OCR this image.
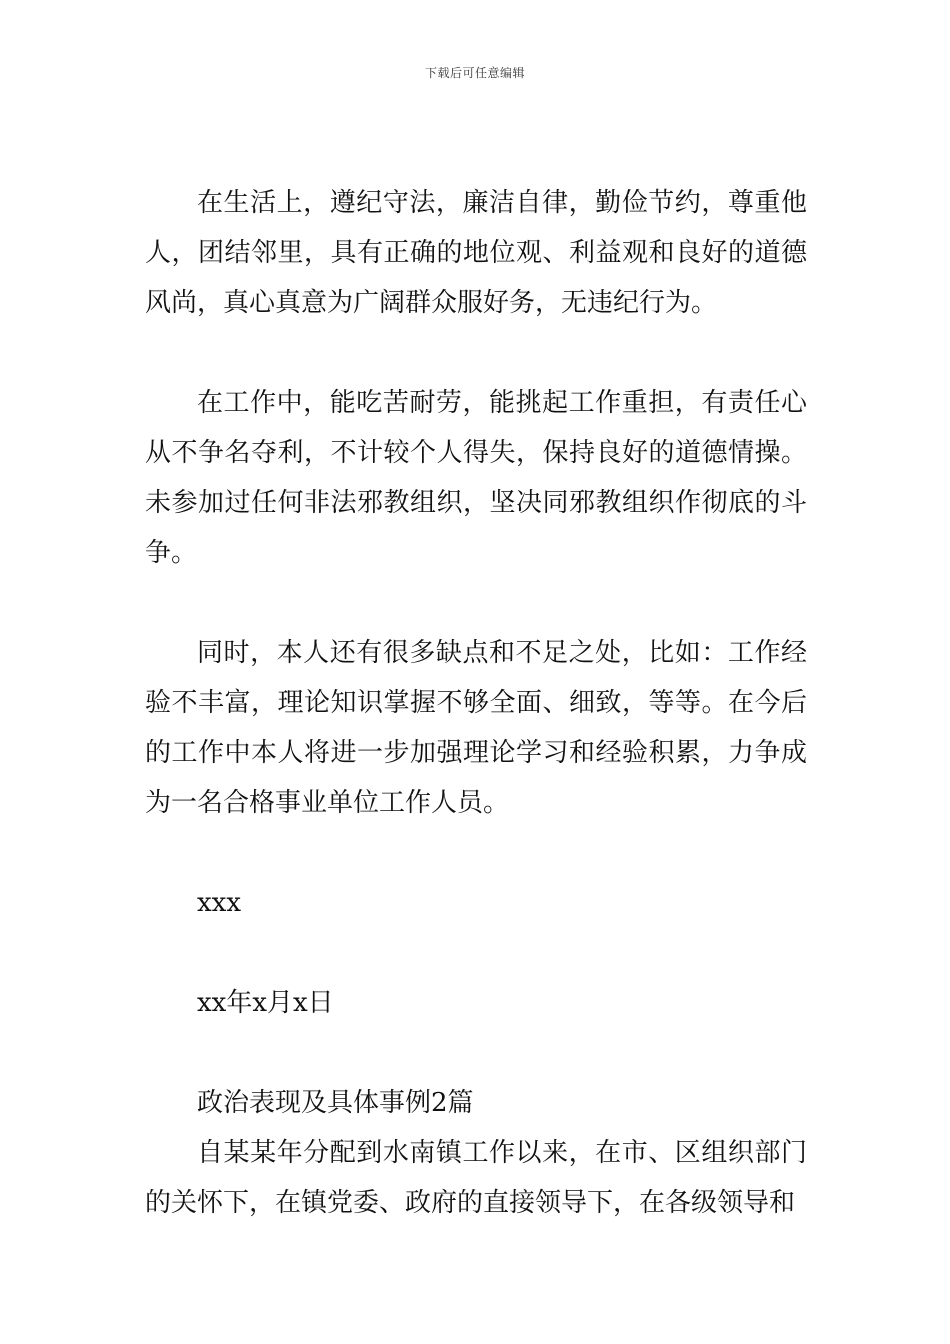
下载后可任意编辑

在生活上，遵纪守法，廉洁自律，勤俭节约，尊重他人，团结邻里，具有正确的地位观、利益观和良好的道德风尚，真心真意为广阔群众服好务，无违纪行为。

在工作中，能吃苦耐劳，能挑起工作重担，有责任心从不争名夺利，不计较个人得失，保持良好的道德情操。未参加过任何非法邪教组织，坚决同邪教组织作彻底的斗争。

同时，本人还有很多缺点和不足之处，比如：工作经验不丰富，理论知识掌握不够全面、细致，等等。在今后的工作中本人将进一步加强理论学习和经验积累，力争成为一名合格事业单位工作人员。

xxx

xx年x月x日

政治表现及具体事例2篇

自某某年分配到水南镇工作以来，在市、区组织部门的关怀下，在镇党委、政府的直接领导下，在各级领导和
